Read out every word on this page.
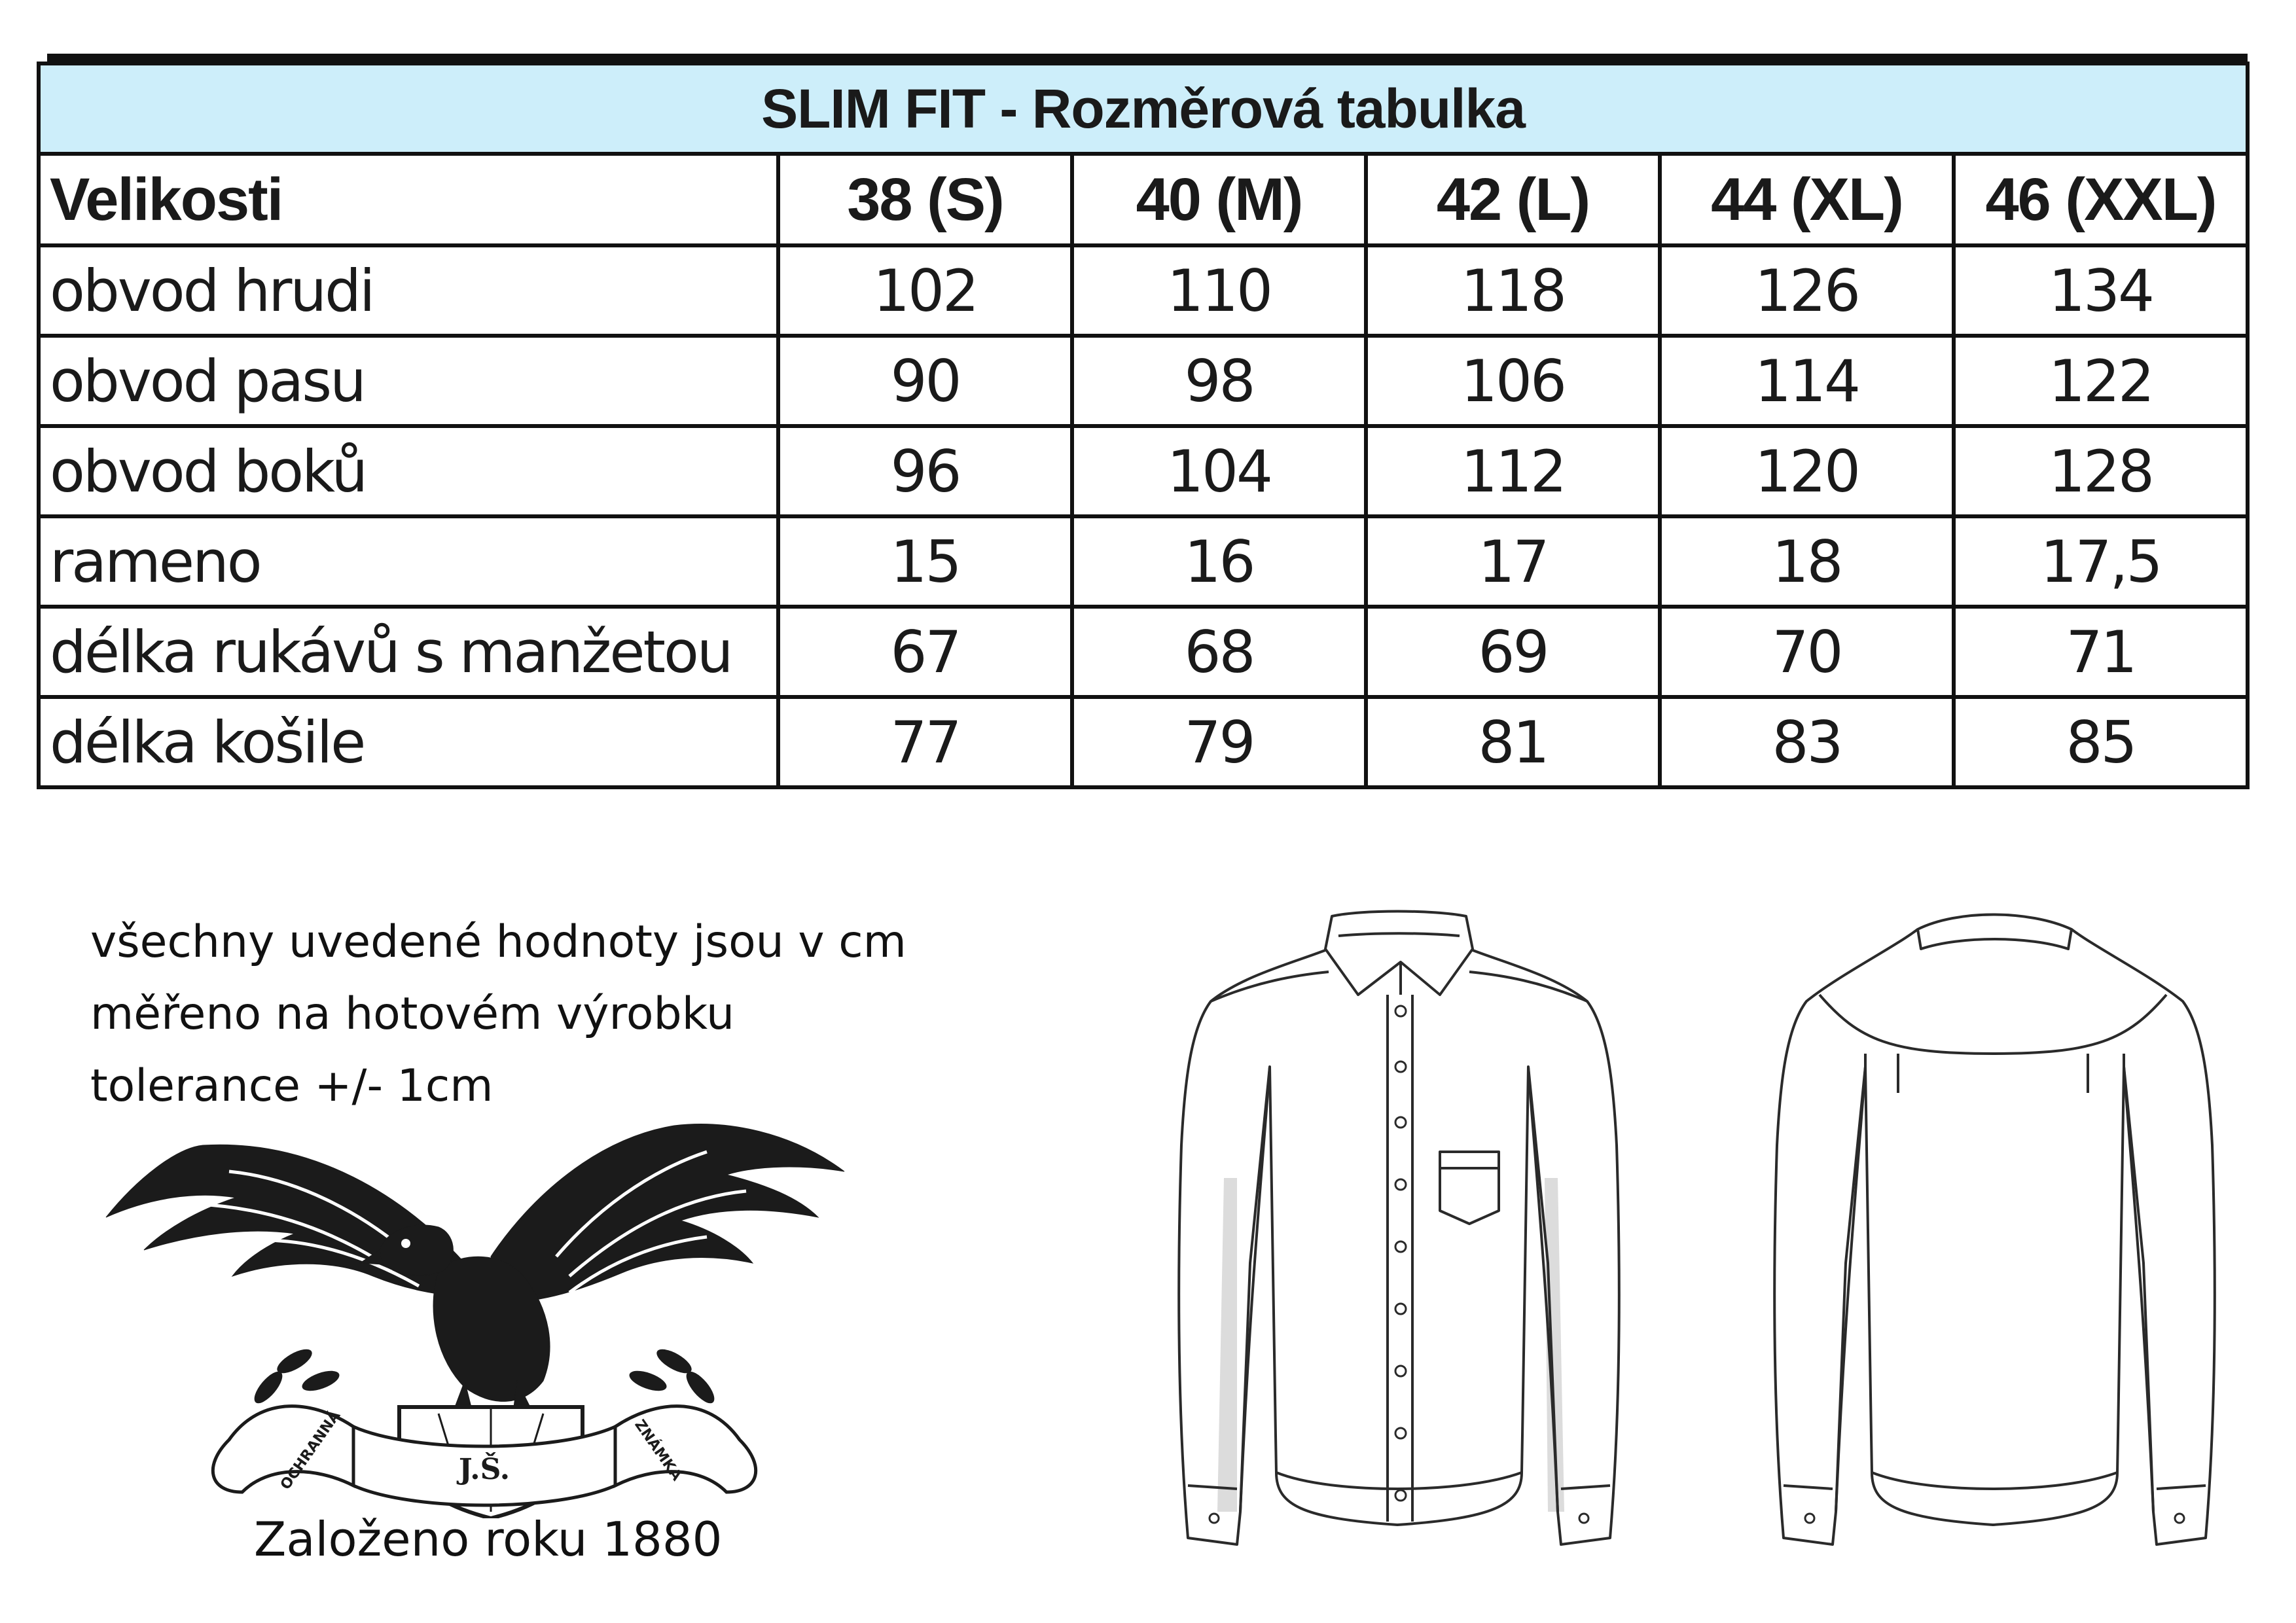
SLIM FIT - Rozměrová tabulka					
Velikosti	38 (S)	40 (M)	42 (L)	44 (XL)	46 (XXL)
obvod hrudi	102	110	118	126	134
obvod pasu	90	98	106	114	122
obvod boků	96	104	112	120	128
rameno	15	16	17	18	17,5
délka rukávů s manžetou	67	68	69	70	71
délka košile	77	79	81	83	85
všechny uvedené hodnoty jsou v cm
měřeno na hotovém výrobku
tolerance +/- 1cm
OCHRANNÁ	J.Š.	ZNÁMKA
Založeno roku 1880
